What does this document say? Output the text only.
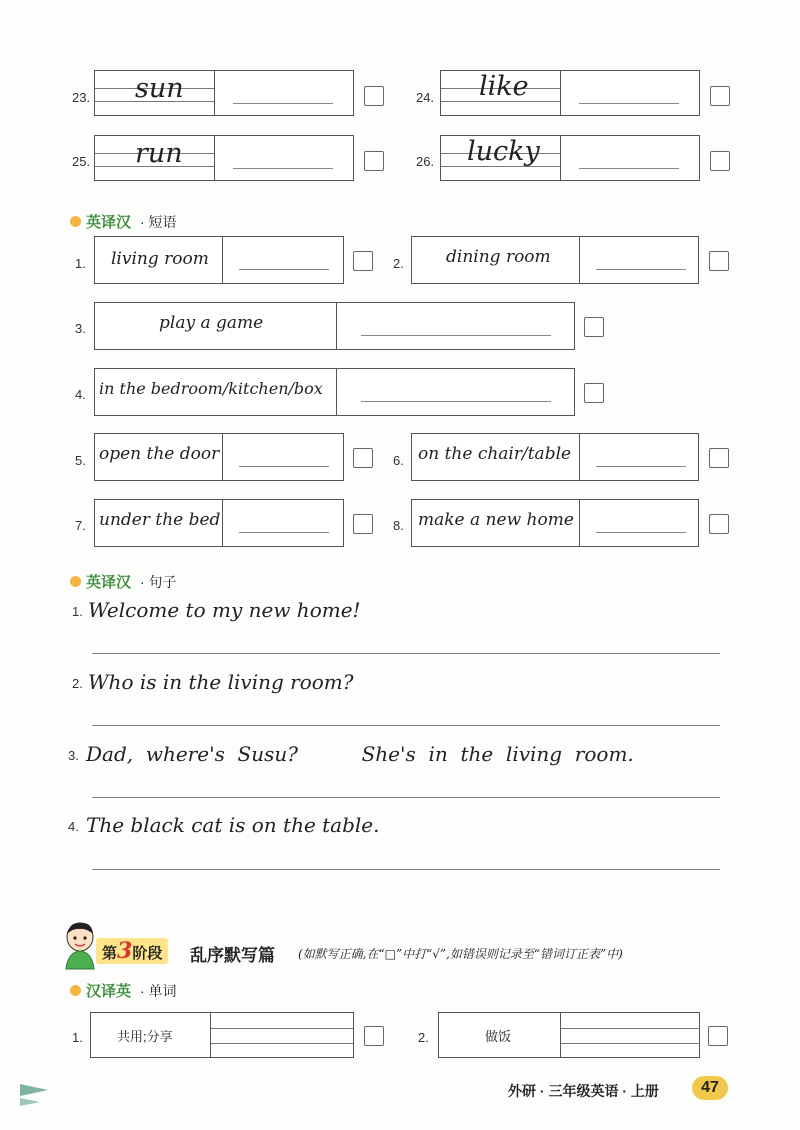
23. sun	24. like
25. run	26. lucky
英译汉 · 短语
1. living room	2. dining room
3.	play a game
4. in the bedroom/kitchen/box
5. open the door	6. on the chair/table
7. under the bed	8. make a new home
英译汉 · 句子
1. Welcome to my new home!
2. Who is in the living room?
3. Dad,  where's  Susu?          She's  in  the  living  room.
4. The black cat is on the table.
第3阶段	乱序默写篇 (如默写正确,在“□”中打“√”,如错误则记录至“错词订正表”中)
汉译英 · 单词
1.	共用;分享	2.	做饭
外研 · 三年级英语 · 上册	47
